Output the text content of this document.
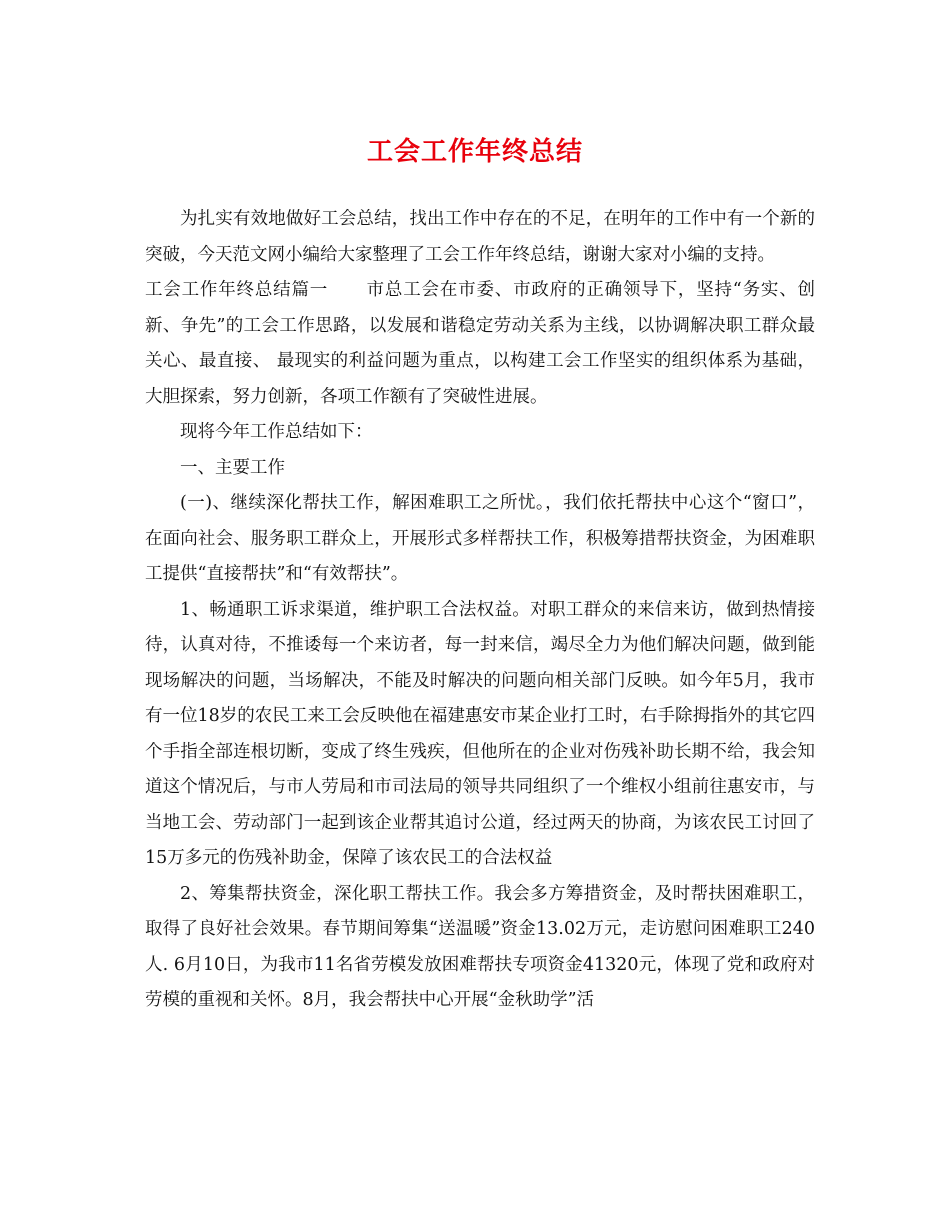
工会工作年终总结

为扎实有效地做好工会总结，找出工作中存在的不足，在明年的工作中有一个新的突破，今天范文网小编给大家整理了工会工作年终总结，谢谢大家对小编的支持。

工会工作年终总结篇一 市总工会在市委、市政府的正确领导下，坚持“务实、创新、争先”的工会工作思路，以发展和谐稳定劳动关系为主线，以协调解决职工群众最关心、最直接、 最现实的利益问题为重点，以构建工会工作坚实的组织体系为基础，大胆探索，努力创新，各项工作额有了突破性进展。

现将今年工作总结如下：

一、主要工作

(一)、继续深化帮扶工作，解困难职工之所忧。，我们依托帮扶中心这个“窗口”，在面向社会、服务职工群众上，开展形式多样帮扶工作，积极筹措帮扶资金，为困难职工提供“直接帮扶”和“有效帮扶”。

1、畅通职工诉求渠道，维护职工合法权益。对职工群众的来信来访，做到热情接待，认真对待，不推诿每一个来访者，每一封来信，竭尽全力为他们解决问题，做到能现场解决的问题，当场解决，不能及时解决的问题向相关部门反映。如今年5月，我市有一位18岁的农民工来工会反映他在福建惠安市某企业打工时，右手除拇指外的其它四个手指全部连根切断，变成了终生残疾，但他所在的企业对伤残补助长期不给，我会知道这个情况后，与市人劳局和市司法局的领导共同组织了一个维权小组前往惠安市，与当地工会、劳动部门一起到该企业帮其追讨公道，经过两天的协商，为该农民工讨回了15万多元的伤残补助金，保障了该农民工的合法权益

2、筹集帮扶资金，深化职工帮扶工作。我会多方筹措资金，及时帮扶困难职工，取得了良好社会效果。春节期间筹集“送温暖”资金13.02万元，走访慰问困难职工240人. 6月10日，为我市11名省劳模发放困难帮扶专项资金41320元，体现了党和政府对劳模的重视和关怀。8月，我会帮扶中心开展“金秋助学”活
